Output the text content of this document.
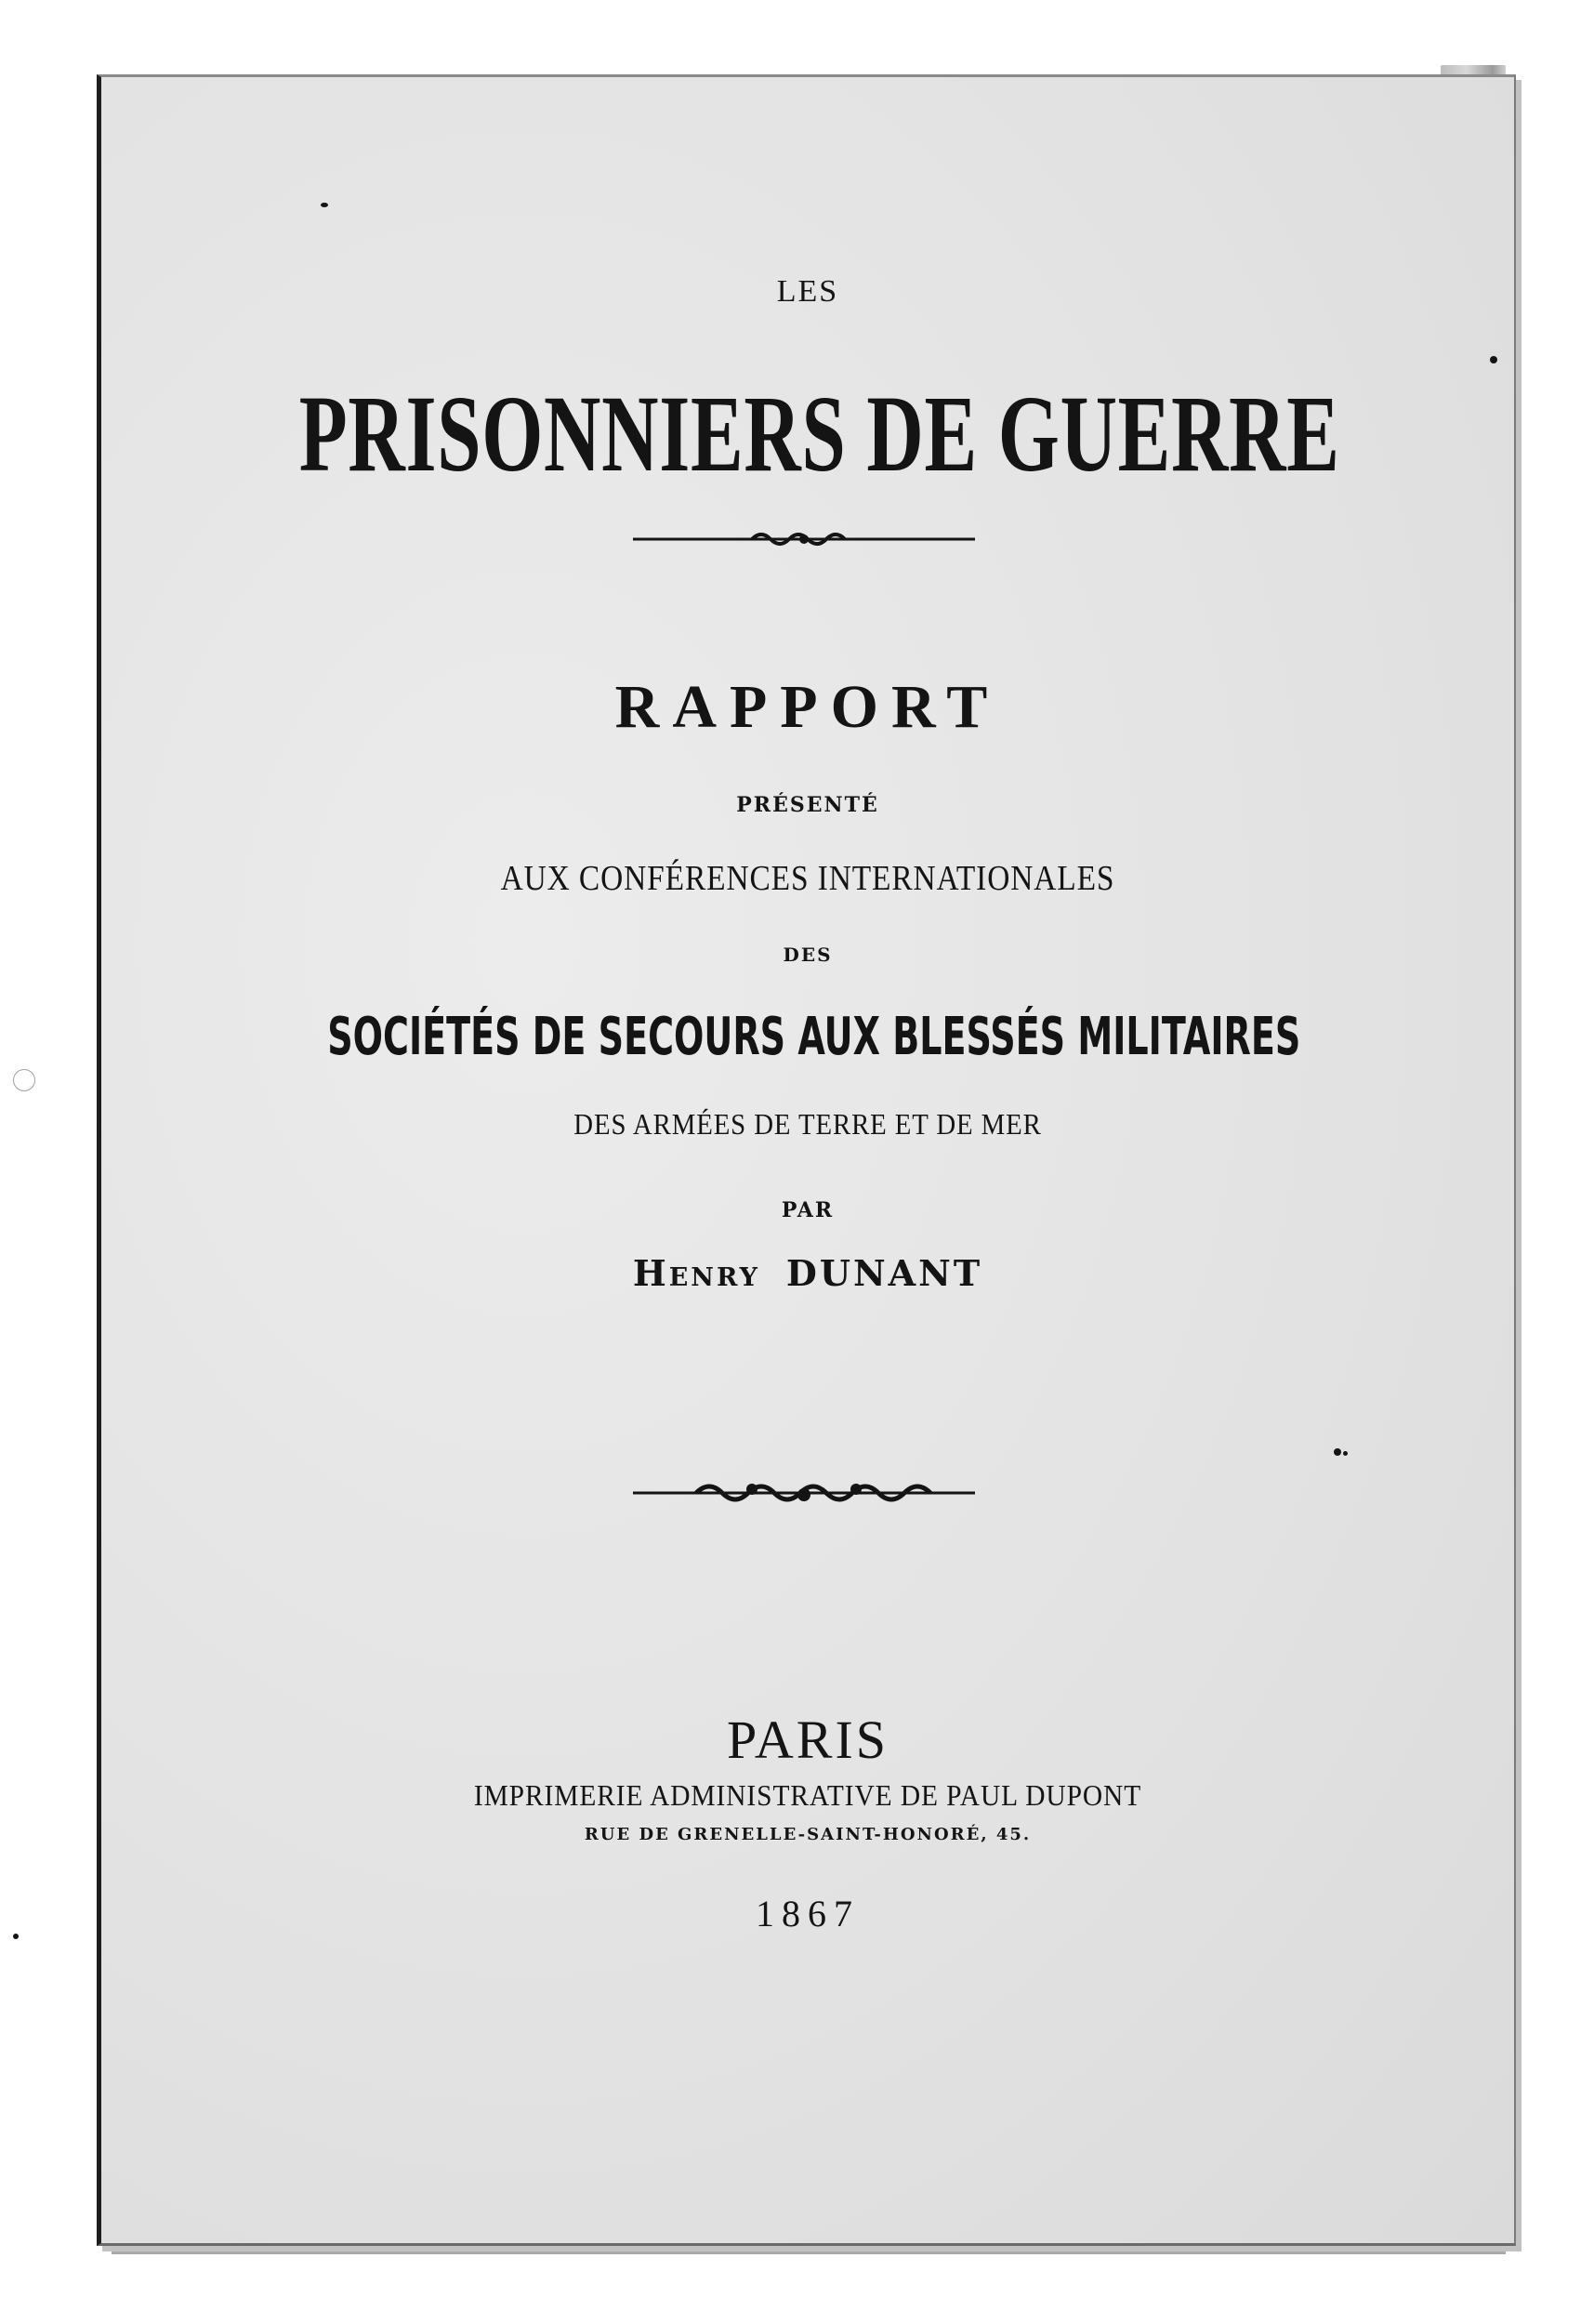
LES
PRISONNIERS DE GUERRE
RAPPORT
PRÉSENTÉ
AUX CONFÉRENCES INTERNATIONALES
DES
SOCIÉTÉS DE SECOURS AUX BLESSÉS MILITAIRES
DES ARMÉES DE TERRE ET DE MER
PAR
Henry DUNANT
PARIS
IMPRIMERIE ADMINISTRATIVE DE PAUL DUPONT
RUE DE GRENELLE-SAINT-HONORÉ, 45.
1867
